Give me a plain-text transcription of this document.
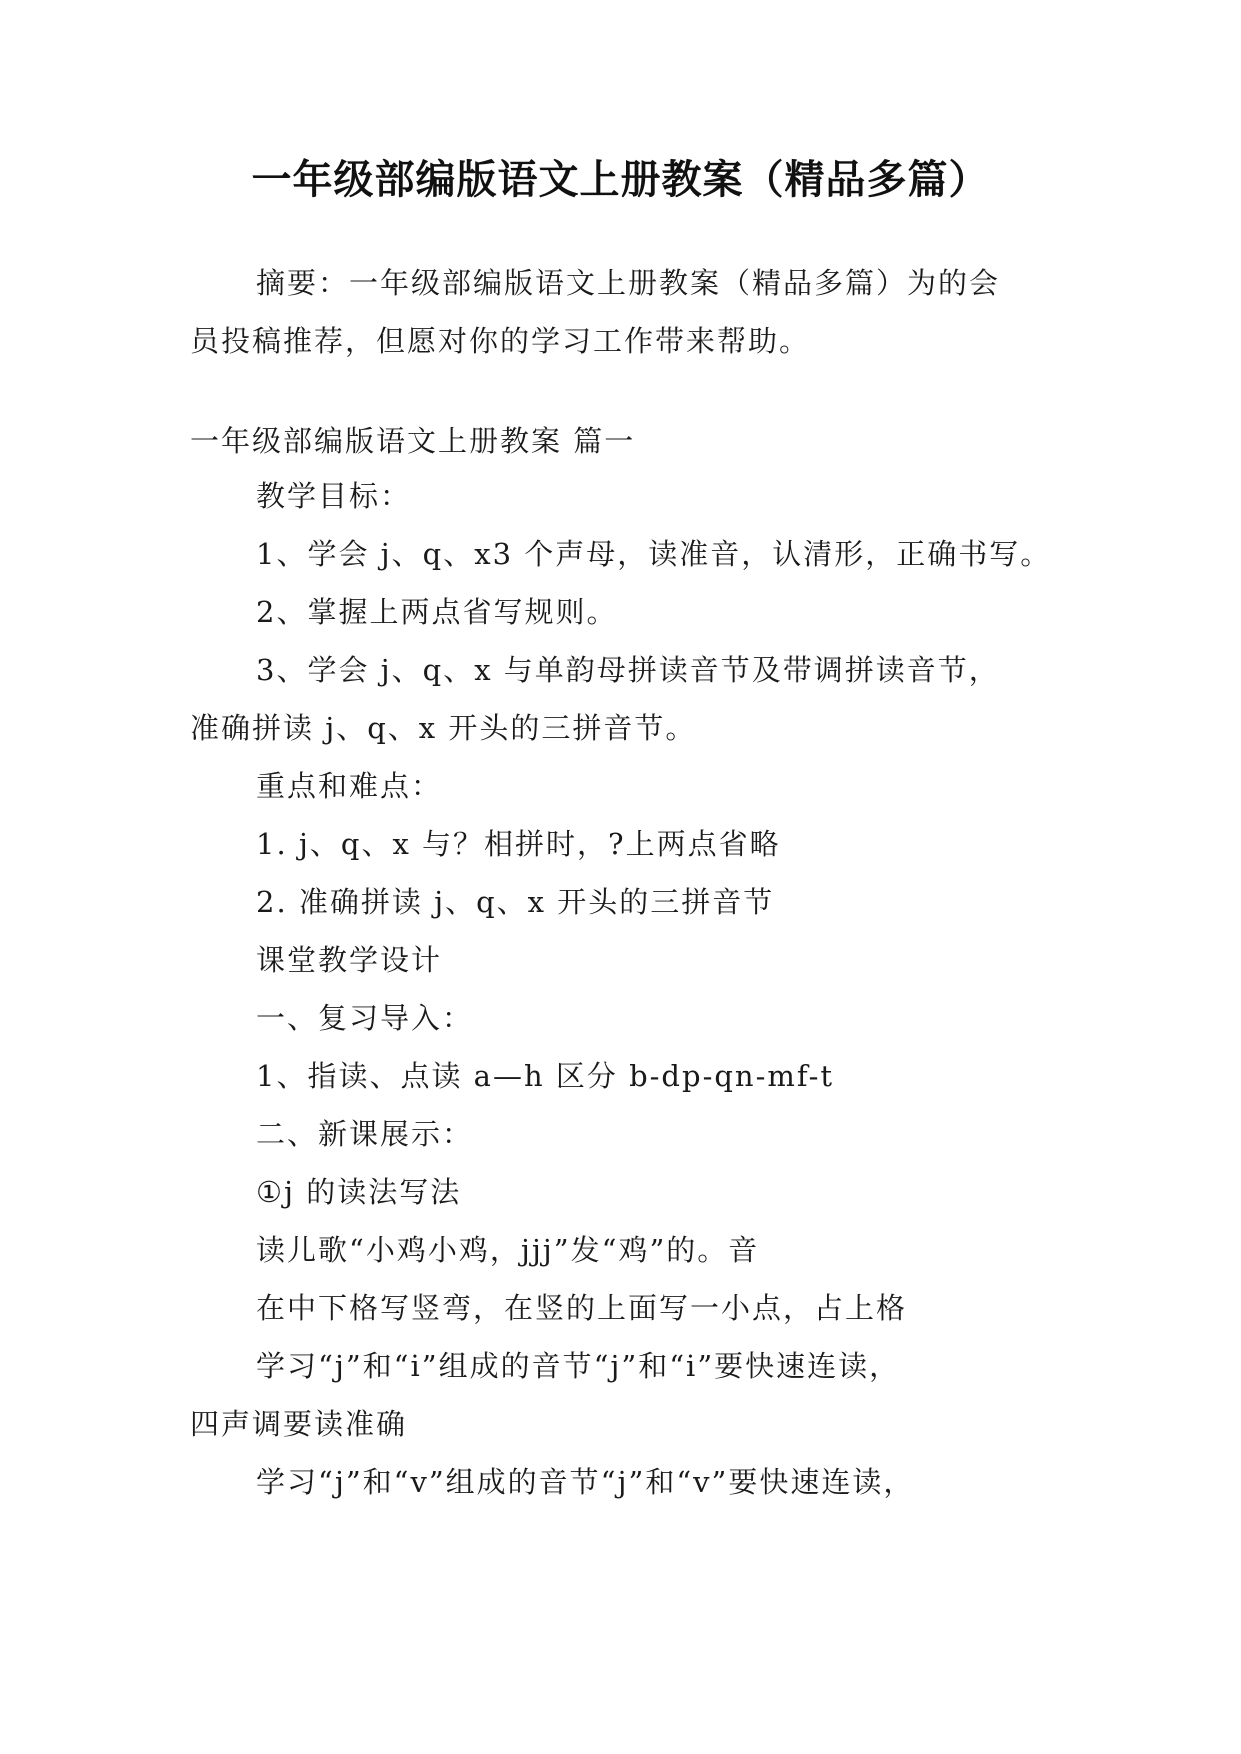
一年级部编版语文上册教案（精品多篇）
摘要：一年级部编版语文上册教案（精品多篇）为的会
员投稿推荐，但愿对你的学习工作带来帮助。
一年级部编版语文上册教案 篇一
教学目标：
1、学会 j、q、x3 个声母，读准音，认清形，正确书写。
2、掌握上两点省写规则。
3、学会 j、q、x 与单韵母拼读音节及带调拼读音节，
准确拼读 j、q、x 开头的三拼音节。
重点和难点：
1. j、q、x 与？相拼时，?上两点省略
2. 准确拼读 j、q、x 开头的三拼音节
课堂教学设计
一、复习导入：
1、指读、点读 a—h 区分 b-dp-qn-mf-t
二、新课展示：
①j 的读法写法
读儿歌“小鸡小鸡，jjj”发“鸡”的。音
在中下格写竖弯，在竖的上面写一小点，占上格
学习“j”和“i”组成的音节“j”和“i”要快速连读，
四声调要读准确
学习“j”和“v”组成的音节“j”和“v”要快速连读，
